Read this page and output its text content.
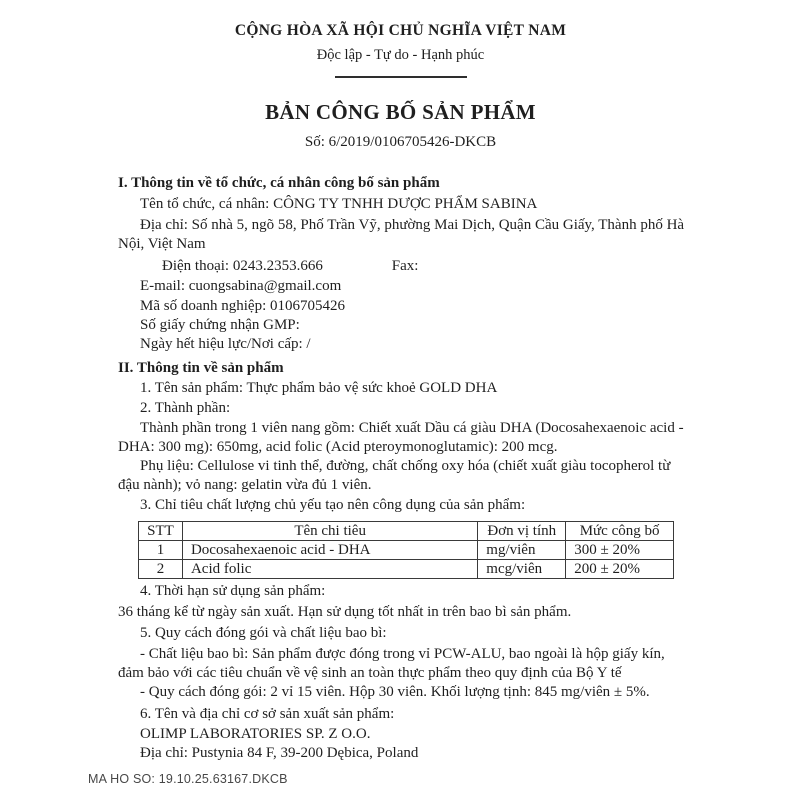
CỘNG HÒA XÃ HỘI CHỦ NGHĨA VIỆT NAM
Độc lập - Tự do - Hạnh phúc
BẢN CÔNG BỐ SẢN PHẨM
Số: 6/2019/0106705426-DKCB
I. Thông tin về tổ chức, cá nhân công bố sản phẩm

Tên tổ chức, cá nhân: CÔNG TY TNHH DƯỢC PHẨM SABINA

Địa chỉ: Số nhà 5, ngõ 58, Phố Trần Vỹ, phường Mai Dịch, Quận Cầu Giấy, Thành phố Hà Nội, Việt Nam

Điện thoại: 0243.2353.666	Fax:

E-mail: cuongsabina@gmail.com

Mã số doanh nghiệp: 0106705426

Số giấy chứng nhận GMP:

Ngày hết hiệu lực/Nơi cấp: /

II. Thông tin về sản phẩm

1. Tên sản phẩm: Thực phẩm bảo vệ sức khoẻ GOLD DHA

2. Thành phần:

Thành phần trong 1 viên nang gồm: Chiết xuất Dầu cá giàu DHA (Docosahexaenoic acid - DHA: 300 mg): 650mg, acid folic (Acid pteroymonoglutamic): 200 mcg.

Phụ liệu: Cellulose vi tinh thể, đường, chất chống oxy hóa (chiết xuất giàu tocopherol từ đậu nành); vỏ nang: gelatin vừa đủ 1 viên.

3. Chỉ tiêu chất lượng chủ yếu tạo nên công dụng của sản phẩm:

STT	Tên chi tiêu	Đơn vị tính	Mức công bố
1	Docosahexaenoic acid - DHA	mg/viên	300 ± 20%
2	Acid folic	mcg/viên	200 ± 20%

4. Thời hạn sử dụng sản phẩm:

36 tháng kể từ ngày sản xuất. Hạn sử dụng tốt nhất in trên bao bì sản phẩm.

5. Quy cách đóng gói và chất liệu bao bì:

- Chất liệu bao bì: Sản phẩm được đóng trong vỉ PCW-ALU, bao ngoài là hộp giấy kín, đảm bảo với các tiêu chuẩn về vệ sinh an toàn thực phẩm theo quy định của Bộ Y tế

- Quy cách đóng gói: 2 vỉ 15 viên. Hộp 30 viên. Khối lượng tịnh: 845 mg/viên ± 5%.

6. Tên và địa chỉ cơ sở sản xuất sản phẩm:

OLIMP LABORATORIES SP. Z O.O.

Địa chỉ: Pustynia 84 F, 39-200 Dębica, Poland

MA HO SO: 19.10.25.63167.DKCB
